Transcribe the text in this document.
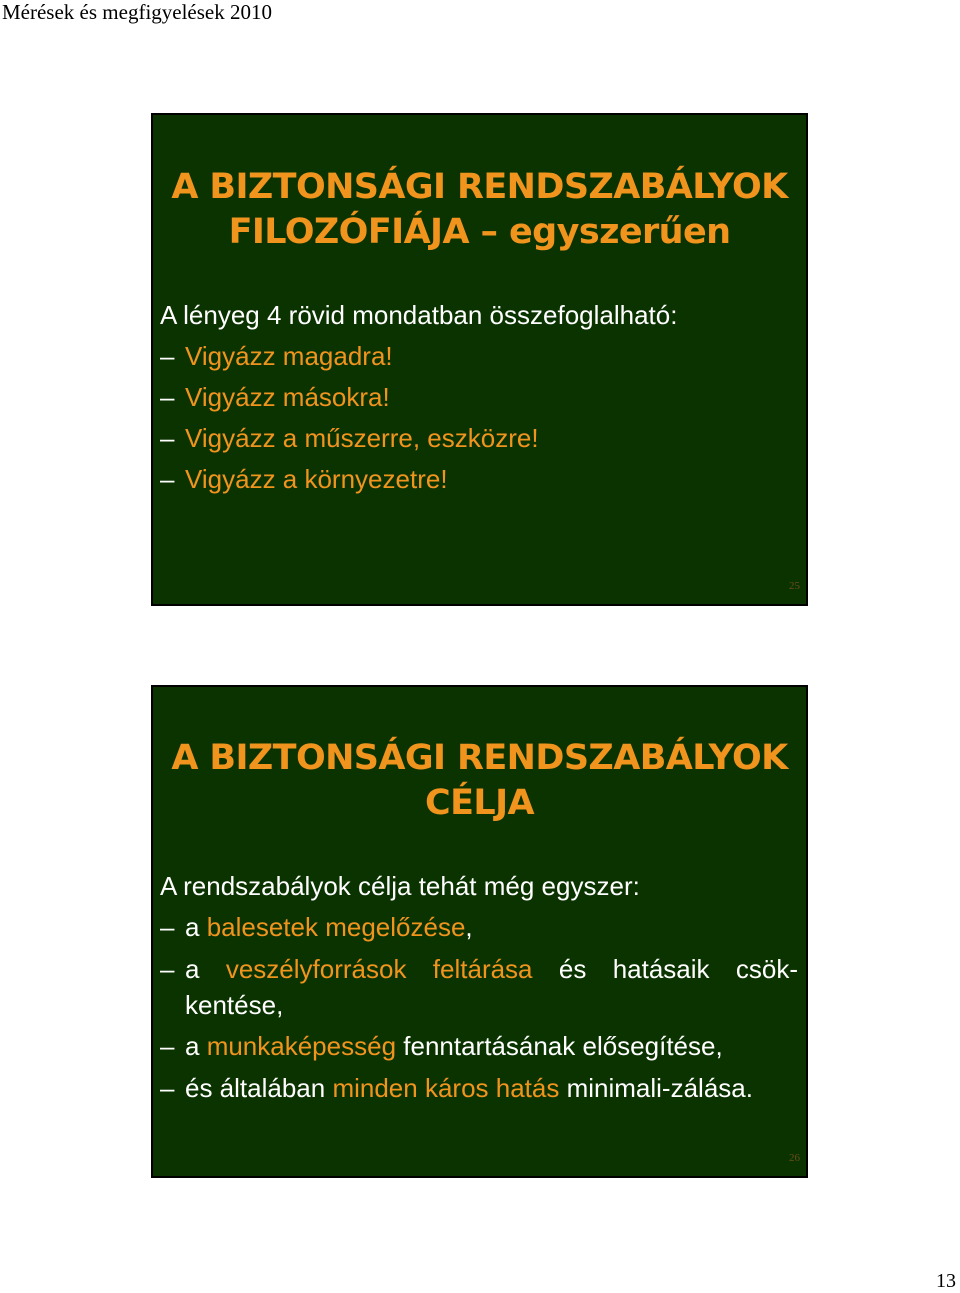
Mérések és megfigyelések 2010
A BIZTONSÁGI RENDSZABÁLYOK
FILOZÓFIÁJA – egyszerűen
A lényeg 4 rövid mondatban összefoglalható:
– Vigyázz magadra!
– Vigyázz másokra!
– Vigyázz a műszerre, eszközre!
– Vigyázz a környezetre!
25
A BIZTONSÁGI RENDSZABÁLYOK
CÉLJA
A rendszabályok célja tehát még egyszer:
– a balesetek megelőzése,
– a veszélyforrások feltárása és hatásaik csök-kentése,
– a munkaképesség fenntartásának elősegítése,
– és általában minden káros hatás minimali-zálása.
26
13
